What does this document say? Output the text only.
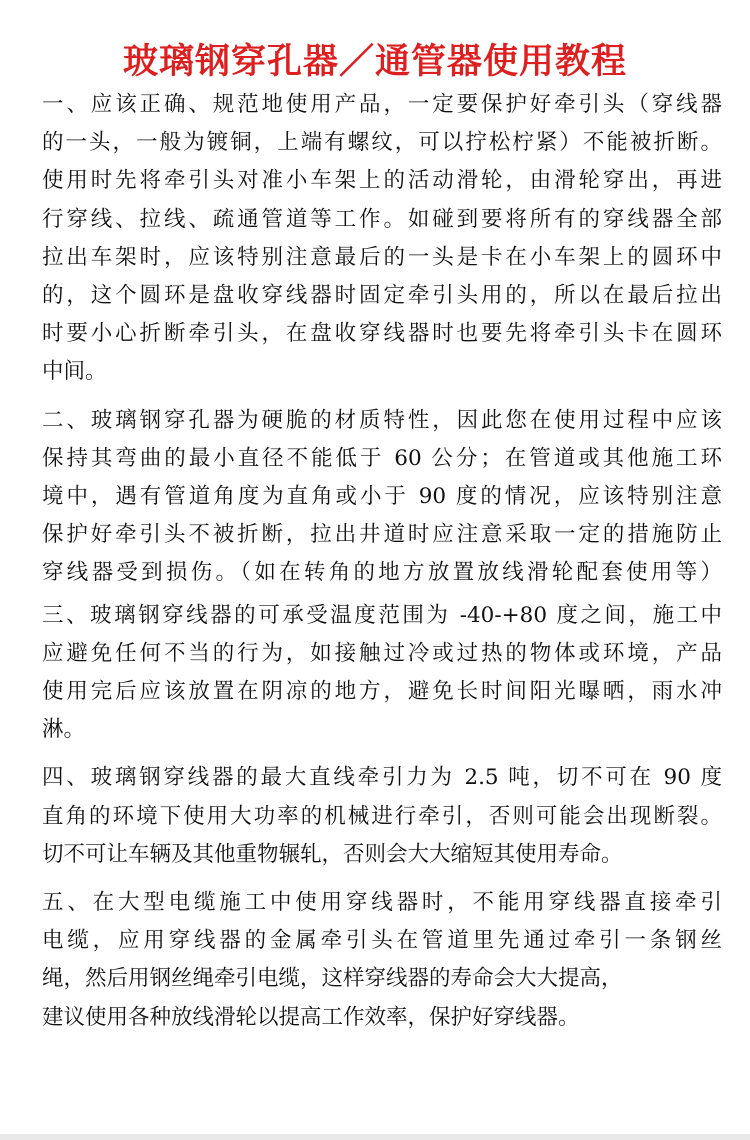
玻璃钢穿孔器／通管器使用教程

一、应该正确、规范地使用产品，一定要保护好牵引头（穿线器
的一头，一般为镀铜，上端有螺纹，可以拧松柠紧）不能被折断。
使用时先将牵引头对准小车架上的活动滑轮，由滑轮穿出，再进
行穿线、拉线、疏通管道等工作。如碰到要将所有的穿线器全部
拉出车架时，应该特别注意最后的一头是卡在小车架上的圆环中
的，这个圆环是盘收穿线器时固定牵引头用的，所以在最后拉出
时要小心折断牵引头，在盘收穿线器时也要先将牵引头卡在圆环
中间。

二、玻璃钢穿孔器为硬脆的材质特性，因此您在使用过程中应该
保持其弯曲的最小直径不能低于 60 公分；在管道或其他施工环
境中，遇有管道角度为直角或小于 90 度的情况，应该特别注意
保护好牵引头不被折断，拉出井道时应注意采取一定的措施防止
穿线器受到损伤。（如在转角的地方放置放线滑轮配套使用等）

三、玻璃钢穿线器的可承受温度范围为 -40-+80 度之间，施工中
应避免任何不当的行为，如接触过冷或过热的物体或环境，产品
使用完后应该放置在阴凉的地方，避免长时间阳光曝晒，雨水冲
淋。

四、玻璃钢穿线器的最大直线牵引力为 2.5 吨，切不可在 90 度
直角的环境下使用大功率的机械进行牵引，否则可能会出现断裂。
切不可让车辆及其他重物辗轧，否则会大大缩短其使用寿命。

五、在大型电缆施工中使用穿线器时，不能用穿线器直接牵引
电缆，应用穿线器的金属牵引头在管道里先通过牵引一条钢丝
绳，然后用钢丝绳牵引电缆，这样穿线器的寿命会大大提高，
建议使用各种放线滑轮以提高工作效率，保护好穿线器。
